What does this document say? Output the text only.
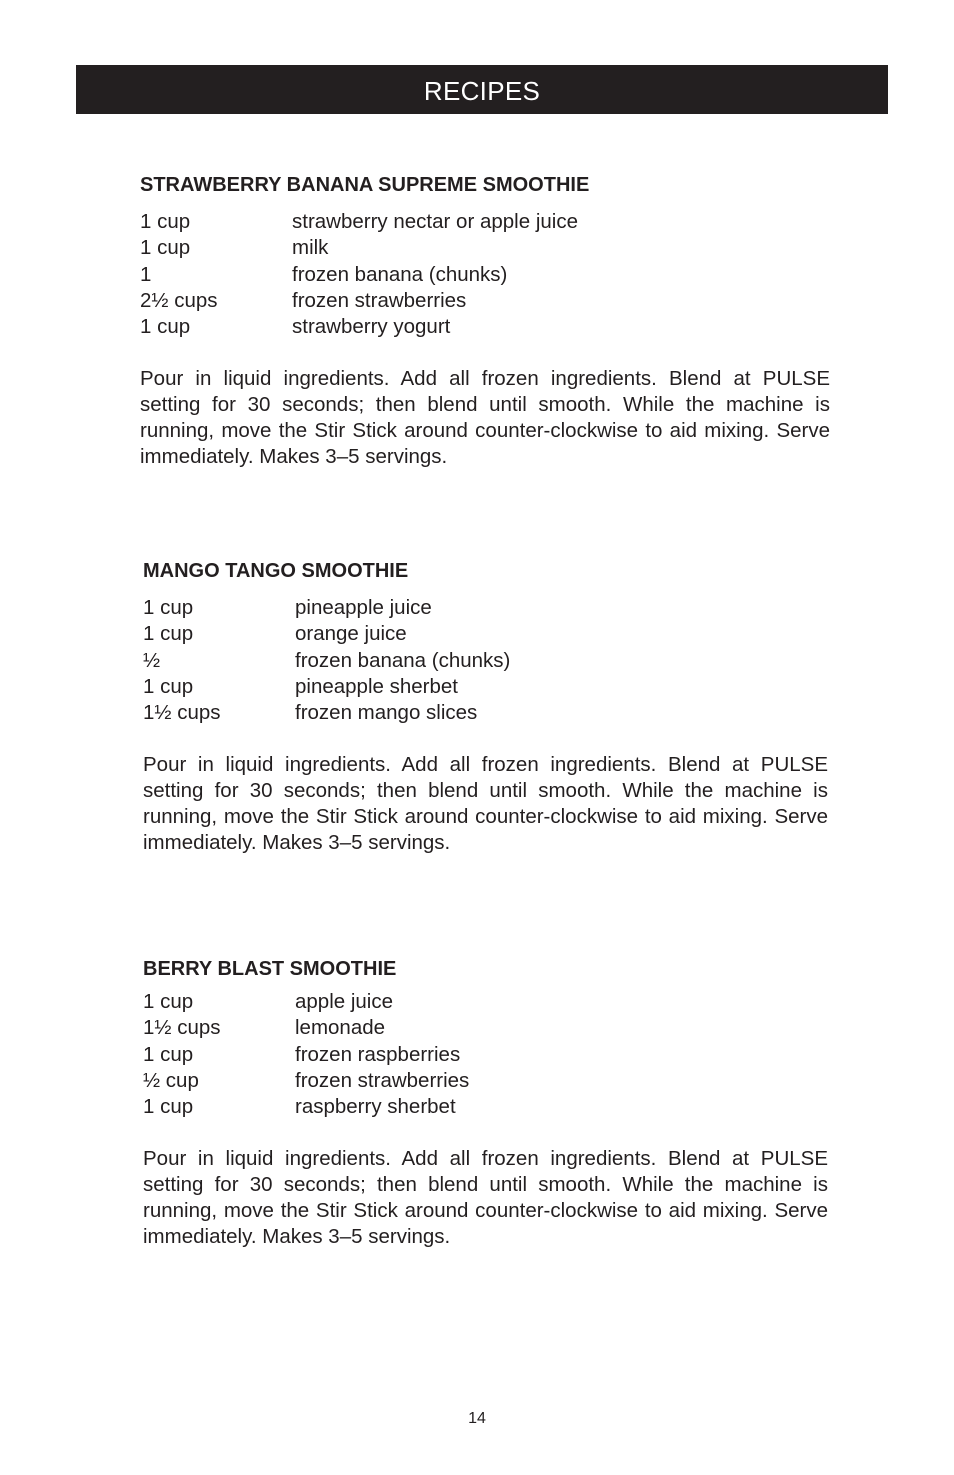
RECIPES
STRAWBERRY BANANA SUPREME SMOOTHIE
1 cup	strawberry nectar or apple juice
1 cup	milk
1	frozen banana (chunks)
2½ cups	frozen strawberries
1 cup	strawberry yogurt

Pour in liquid ingredients. Add all frozen ingredients. Blend at PULSE setting for 30 seconds; then blend until smooth. While the machine is running, move the Stir Stick around counter-clockwise to aid mixing. Serve immediately. Makes 3–5 servings.

MANGO TANGO SMOOTHIE
1 cup	pineapple juice
1 cup	orange juice
½	frozen banana (chunks)
1 cup	pineapple sherbet
1½ cups	frozen mango slices

Pour in liquid ingredients. Add all frozen ingredients. Blend at PULSE setting for 30 seconds; then blend until smooth. While the machine is running, move the Stir Stick around counter-clockwise to aid mixing. Serve immediately. Makes 3–5 servings.

BERRY BLAST SMOOTHIE
1 cup	apple juice
1½ cups	lemonade
1 cup	frozen raspberries
½ cup	frozen strawberries
1 cup	raspberry sherbet

Pour in liquid ingredients. Add all frozen ingredients. Blend at PULSE setting for 30 seconds; then blend until smooth. While the machine is running, move the Stir Stick around counter-clockwise to aid mixing. Serve immediately. Makes 3–5 servings.

14
